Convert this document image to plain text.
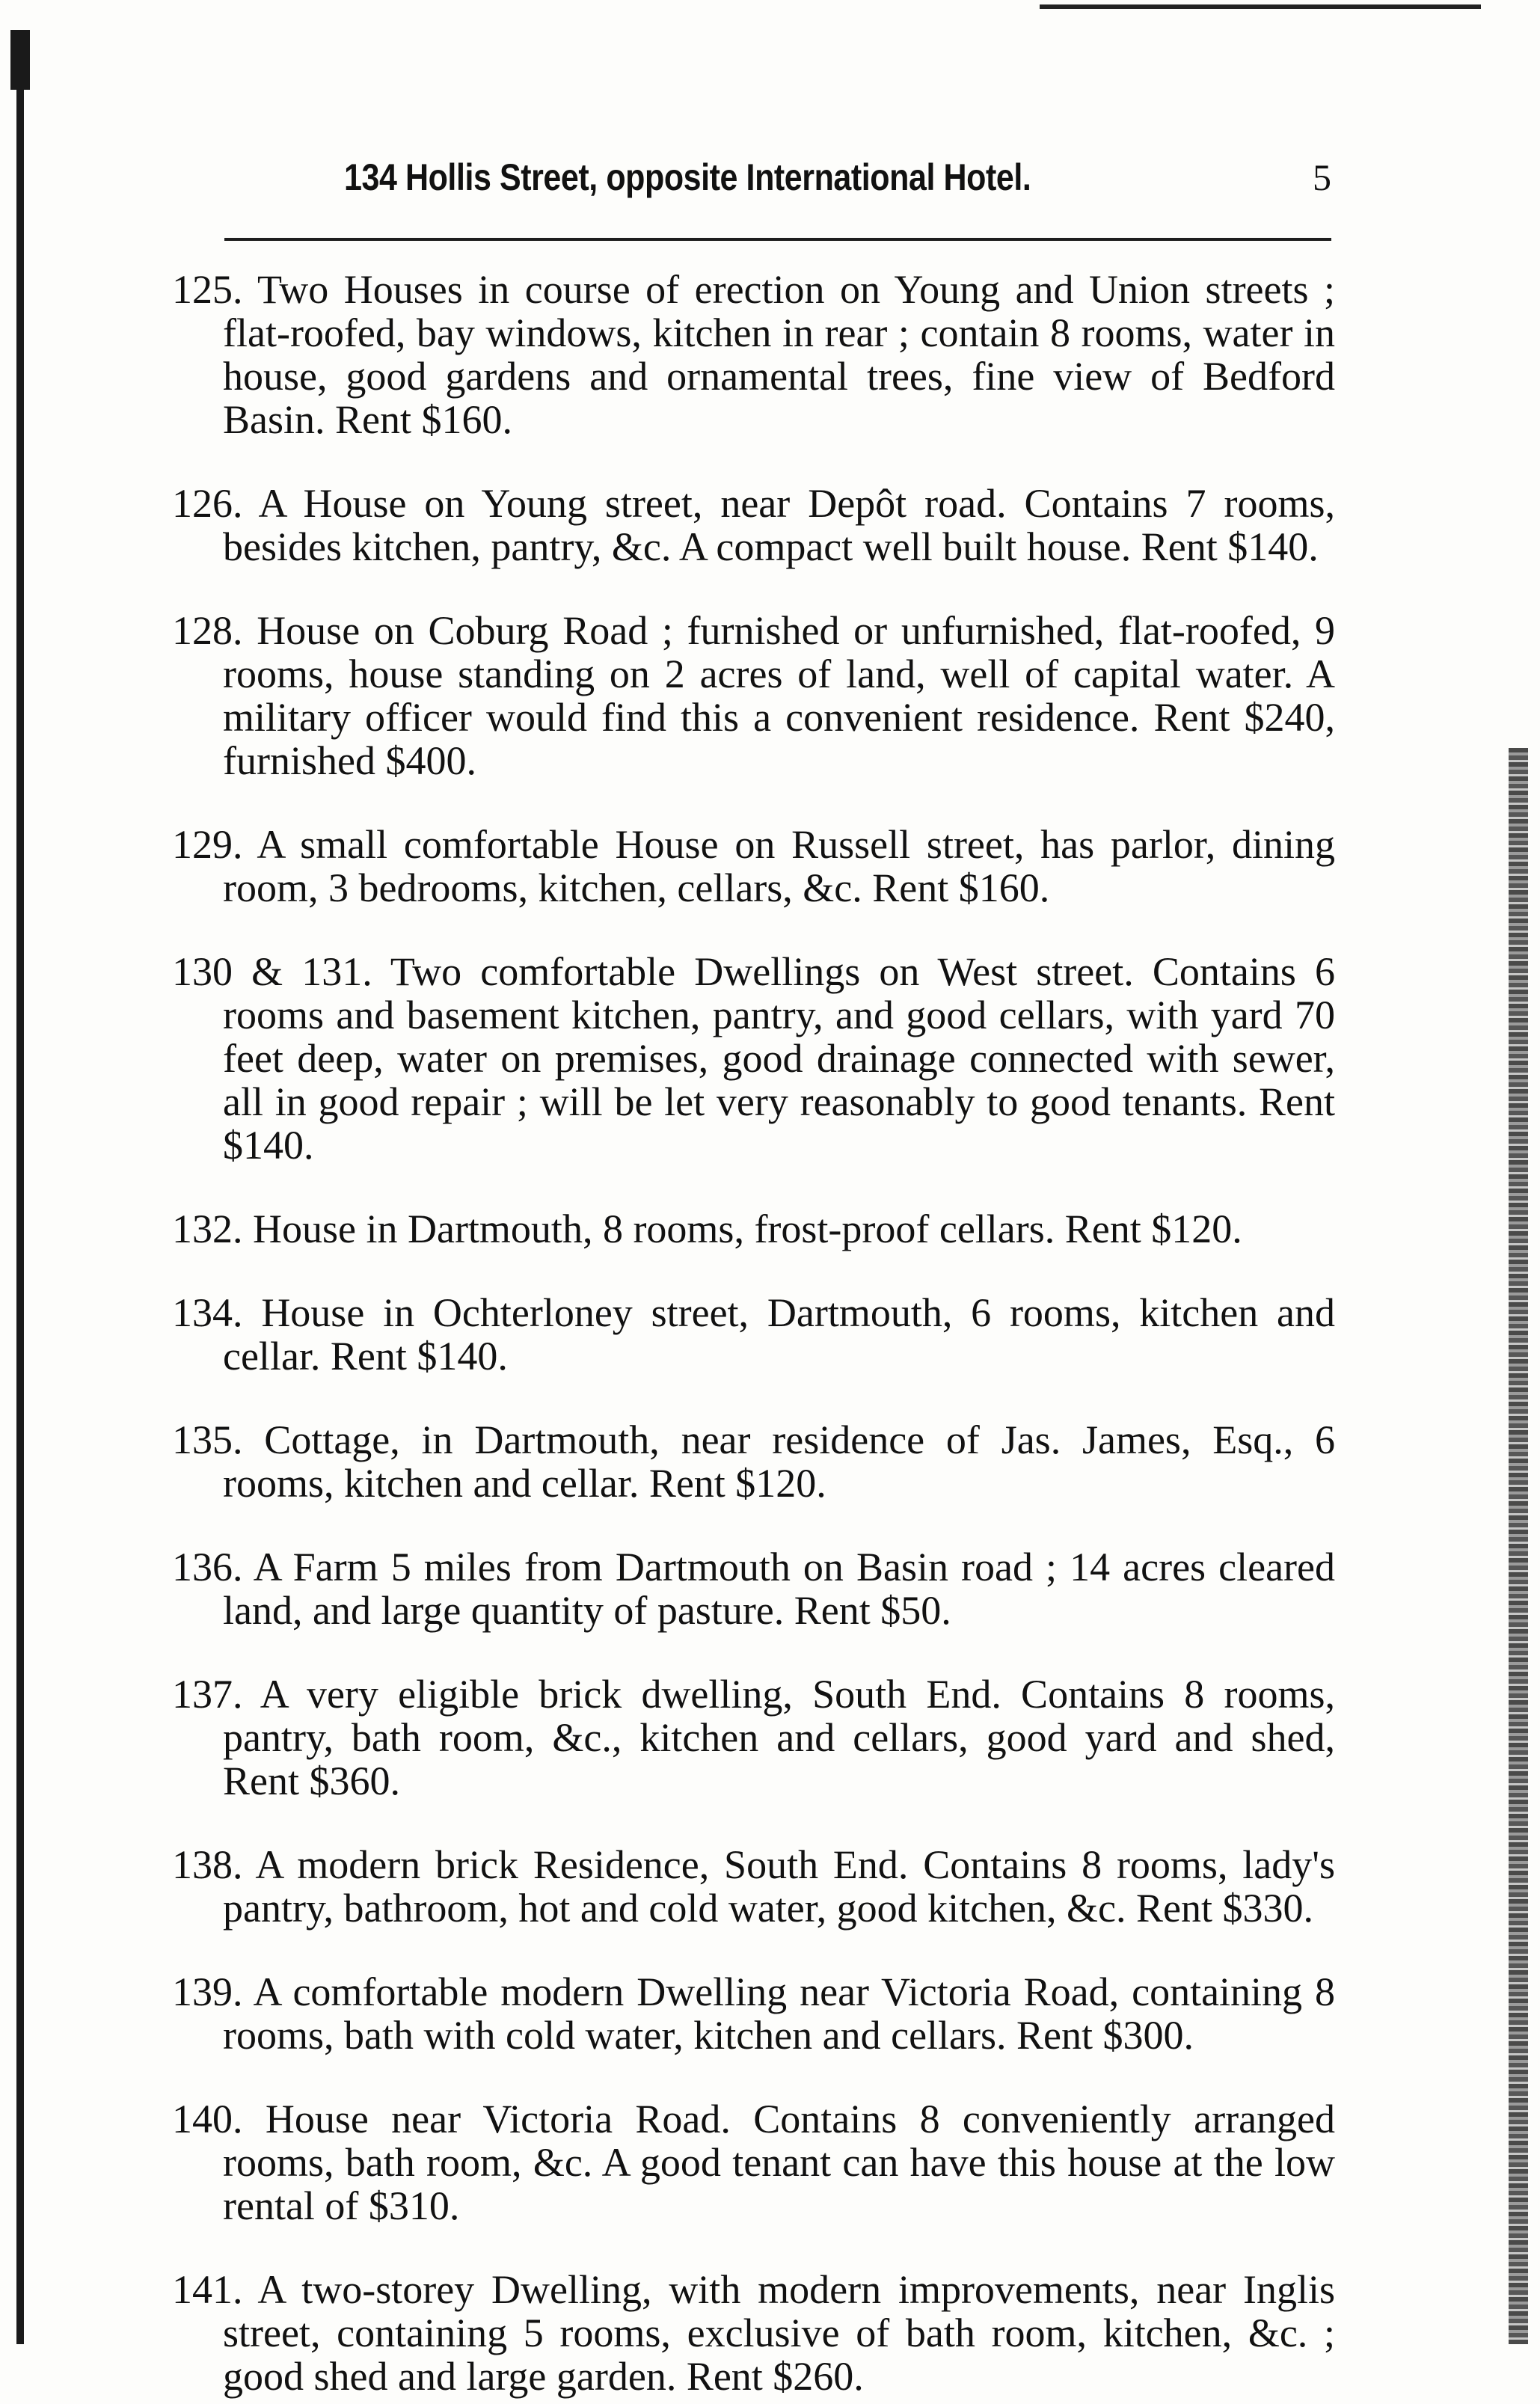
134 Hollis Street, opposite International Hotel.	5

125. Two Houses in course of erection on Young and Union streets ; flat-roofed, bay windows, kitchen in rear ; contain 8 rooms, water in house, good gardens and ornamental trees, fine view of Bedford Basin. Rent $160.

126. A House on Young street, near Depôt road. Contains 7 rooms, besides kitchen, pantry, &c. A compact well built house. Rent $140.

128. House on Coburg Road ; furnished or unfurnished, flat-roofed, 9 rooms, house standing on 2 acres of land, well of capital water. A military officer would find this a convenient residence. Rent $240, furnished $400.

129. A small comfortable House on Russell street, has parlor, dining room, 3 bedrooms, kitchen, cellars, &c. Rent $160.

130 & 131. Two comfortable Dwellings on West street. Contains 6 rooms and basement kitchen, pantry, and good cellars, with yard 70 feet deep, water on premises, good drainage connected with sewer, all in good repair ; will be let very reasonably to good tenants. Rent $140.

132. House in Dartmouth, 8 rooms, frost-proof cellars. Rent $120.

134. House in Ochterloney street, Dartmouth, 6 rooms, kitchen and cellar. Rent $140.

135. Cottage, in Dartmouth, near residence of Jas. James, Esq., 6 rooms, kitchen and cellar. Rent $120.

136. A Farm 5 miles from Dartmouth on Basin road ; 14 acres cleared land, and large quantity of pasture. Rent $50.

137. A very eligible brick dwelling, South End. Contains 8 rooms, pantry, bath room, &c., kitchen and cellars, good yard and shed, Rent $360.

138. A modern brick Residence, South End. Contains 8 rooms, lady's pantry, bathroom, hot and cold water, good kitchen, &c. Rent $330.

139. A comfortable modern Dwelling near Victoria Road, containing 8 rooms, bath with cold water, kitchen and cellars. Rent $300.

140. House near Victoria Road. Contains 8 conveniently arranged rooms, bath room, &c. A good tenant can have this house at the low rental of $310.

141. A two-storey Dwelling, with modern improvements, near Inglis street, containing 5 rooms, exclusive of bath room, kitchen, &c. ; good shed and large garden. Rent $260.
